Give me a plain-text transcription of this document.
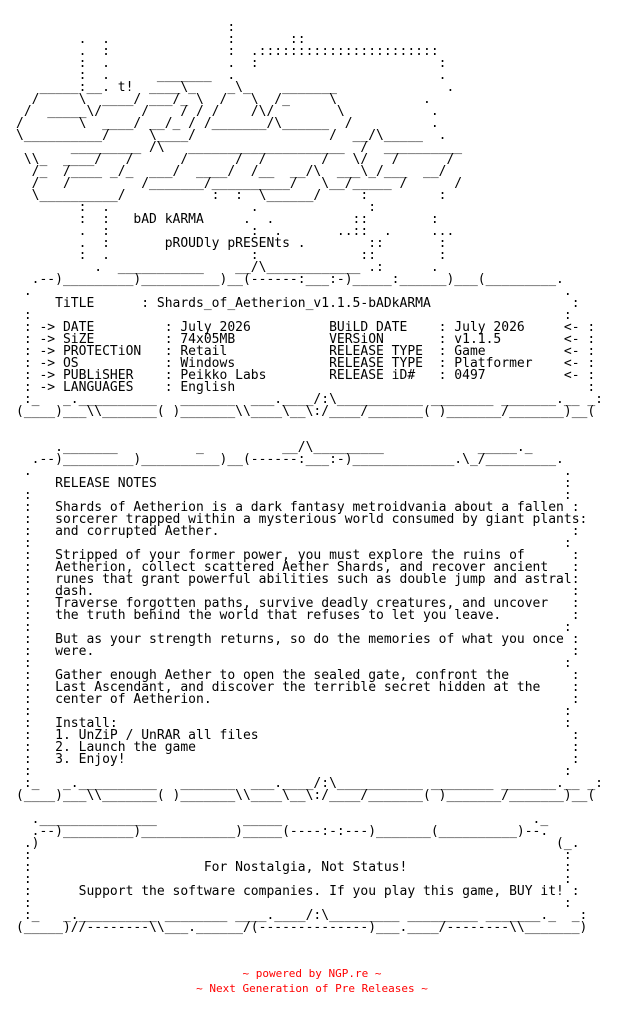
:
.  .               :       ::
.  :               :  .:::::::::::::::::::::::
:  .               .  :                       :
:  .      _______  .                          .
_____:__. t!  ____\_    _\_    _______              .
/     \  ____/ ___/_ \  /   \  /_     \           .
/  _____\/     /    / / /    /\/        \           .
/       \  ____/ __/_ / /_______/\______  /          .
\__________/     \____/                 /  __/\_____  .
_________ /\   ____________________  /  __________
\\_  ____/   /      /      /  /       /   \/   /      /
/_  /____ _/_  ___/  ____/  /__  __/\  ___\_/___  __/
/   /         /_______/__________/   \__/_____ /      /
\__________/           :  :  \______/     :         :
:  .                  .              :
:  :   bAD kARMA     .  .          ::        :
.  :                  :  .       ..::  .     ...
.  :       pROUDly pRESENts .        ::       :
:  .                  :             ::        :
.  ___________    __/\____________ .:      .
.--)_________)__________)__(------:___:-)_____:______)___(_________.
.                                                                    .
TiTLE      : Shards_of_Aetherion_v1.1.5-bADkARMA                  :
:                                                                    :
: -> DATE         : July 2026          BUiLD DATE    : July 2026     <- :
: -> SiZE         : 74x05MB            VERSiON       : v1.1.5        <- :
: -> PROTECTiON   : Retail             RELEASE TYPE  : Game          <- :
: -> OS           : Windows            RELEASE TYPE  : Platformer    <- :
: -> PUBLiSHER    : Peikko Labs        RELEASE iD#   : 0497          <- :
: -> LANGUAGES    : English                                             :
:_   _.__________   _______  ___.____/:\___________ ________ _______.__ _:
(____)___\\_______( )_______\\____\__\:/____/_______( )_______/_______)__(
._______          _          __/\_________            _____._
.--)_________)__________)__(------:___:-)_____________.\_/_________.
.                                                                    .
RELEASE NOTES                                                    :
:                                                                    :
:   Shards of Aetherion is a dark fantasy metroidvania about a fallen :
:   sorcerer trapped within a mysterious world consumed by giant plants:
:   and corrupted Aether.                                             :
:                                                                    :
:   Stripped of your former power, you must explore the ruins of      :
:   Aetherion, collect scattered Aether Shards, and recover ancient   :
:   runes that grant powerful abilities such as double jump and astral:
:   dash.                                                             :
:   Traverse forgotten paths, survive deadly creatures, and uncover   :
:   the truth behind the world that refuses to let you leave.         :
:                                                                    :
:   But as your strength returns, so do the memories of what you once :
:   were.                                                             :
:                                                                    :
:   Gather enough Aether to open the sealed gate, confront the        :
:   Last Ascendant, and discover the terrible secret hidden at the    :
:   center of Aetherion.                                              :
:                                                                    :
:   Install:                                                         :
:   1. UnZiP / UnRAR all files                                        :
:   2. Launch the game                                                :
:   3. Enjoy!                                                         :
:                                                                    :
:_   _.__________   _______  ___.____/:\___________ ________ _______.__ _:
(____)___\\_______( )_______\\____\__\:/____/_______( )_______/_______)__(
._______________           _____                                ._
.--)_________)____________)_____(----:-:---)_______(__________)--.
.)                                                                  (_.
:                                                                    :
:                      For Nostalgia, Not Status!                    :
:                                                                    :
:      Support the software companies. If you play this game, BUY it! :
:                                                                    :
:_   _.__________ ________ ____.____/:\_________ _________ _______._  _:
(_____)//--------\\___.______/(--------------)___.____/--------\\_______)
~ powered by NGP.re ~
~ Next Generation of Pre Releases ~
